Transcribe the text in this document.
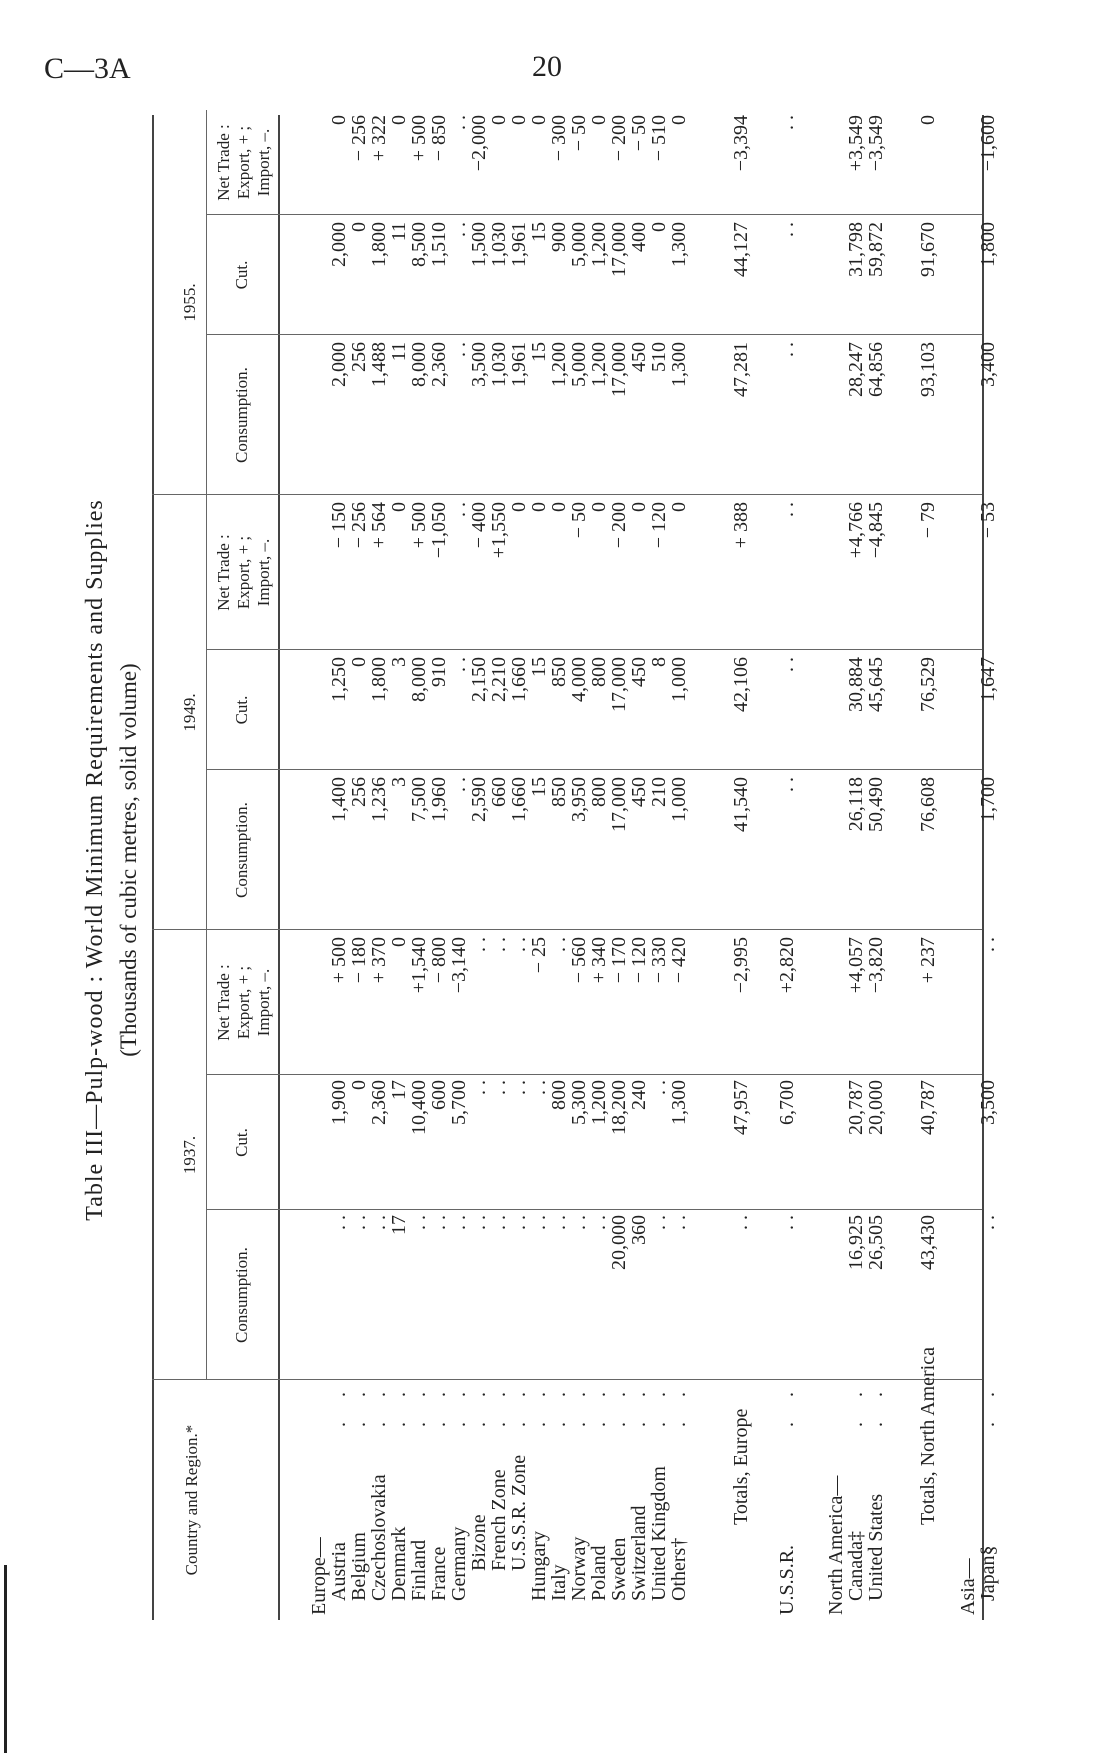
C—3A	20
Table III—Pulp-wood : World Minimum Requirements and Supplies (Thousands of cubic metres, solid volume)
1937.
1949.
1955.
Country and Region.*
Consumption.
Cut.
Net Trade : Export, + ; Import, –.
Consumption.
Cut.
Net Trade : Export, + ; Import, –.
Consumption.
Cut.
Net Trade : Export, + ; Import, –.
Europe—
Austria
. .
. .
1,900
+ 500
1,400
1,250
− 150
2,000
2,000
0
Belgium
. .
. .
0
− 180
256
0
− 256
256
0
− 256
Czechoslovakia
. .
. .
2,360
+ 370
1,236
1,800
+ 564
1,488
1,800
+ 322
Denmark
. .
17
17
0
3
3
0
11
11
0
Finland
. .
. .
10,400
+1,540
7,500
8,000
+ 500
8,000
8,500
+ 500
France
. .
. .
600
− 800
1,960
910
−1,050
2,360
1,510
− 850
Germany
. .
. .
5,700
−3,140
. .
. .
. .
. .
. .
. .
Bizone
. .
. .
. .
. .
2,590
2,150
− 400
3,500
1,500
−2,000
French Zone
. .
. .
. .
. .
660
2,210
+1,550
1,030
1,030
0
U.S.S.R. Zone
. .
. .
. .
. .
1,660
1,660
0
1,961
1,961
0
Hungary
. .
. .
. .
− 25
15
15
0
15
15
0
Italy
. .
. .
800
. .
850
850
0
1,200
900
− 300
Norway
. .
. .
5,300
− 560
3,950
4,000
− 50
5,000
5,000
− 50
Poland
. .
. .
1,200
+ 340
800
800
0
1,200
1,200
0
Sweden
. .
20,000
18,200
− 170
17,000
17,000
− 200
17,000
17,000
− 200
Switzerland
. .
360
240
− 120
450
450
0
450
400
− 50
United Kingdom
. .
. .
. .
− 330
210
8
− 120
510
0
− 510
Others†
. .
. .
1,300
− 420
1,000
1,000
0
1,300
1,300
0
Totals, Europe
. .
47,957
−2,995
41,540
42,106
+ 388
47,281
44,127
−3,394
U.S.S.R.
. .
. .
6,700
+2,820
. .
. .
. .
. .
. .
. .
North America—
Canada‡
. .
16,925
20,787
+4,057
26,118
30,884
+4,766
28,247
31,798
+3,549
United States
. .
26,505
20,000
−3,820
50,490
45,645
−4,845
64,856
59,872
−3,549
Totals, North America
43,430
40,787
+ 237
76,608
76,529
− 79
93,103
91,670
0
Asia—
Japan§
. .
. .
3,500
. .
1,700
1,647
− 53
3,400
1,800
−1,600
